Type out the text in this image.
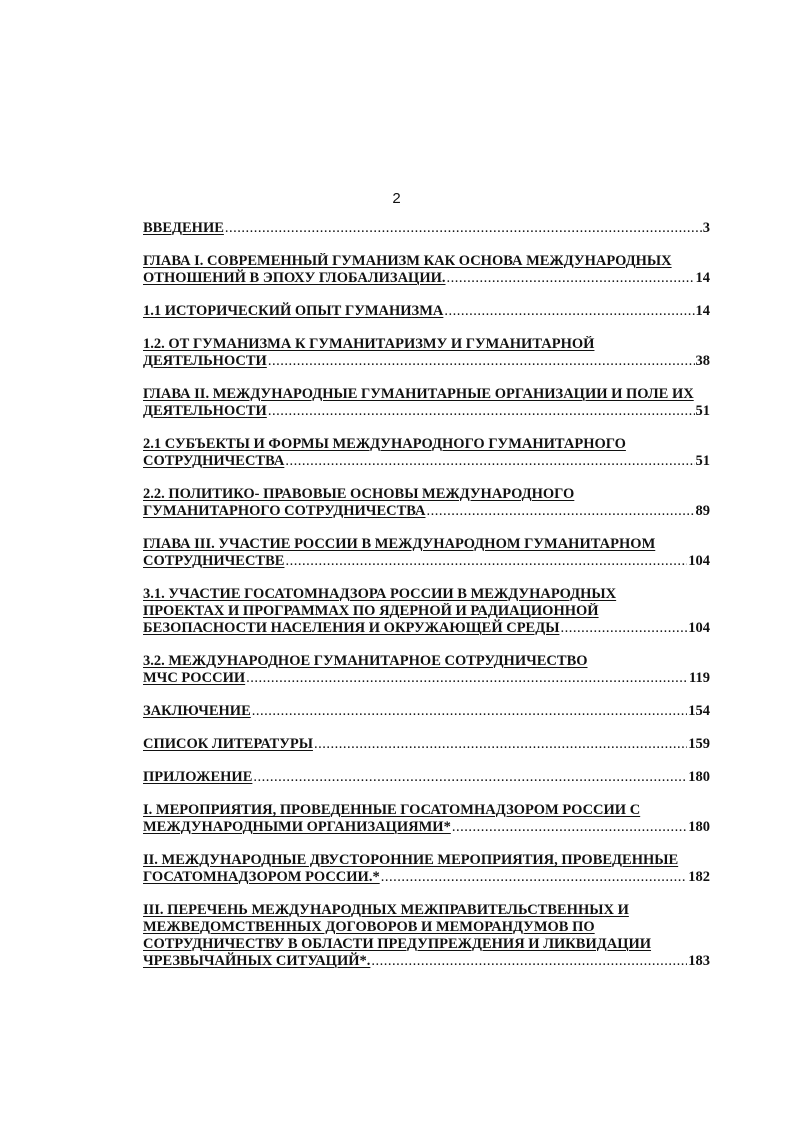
2
ВВЕДЕНИЕ .....	3
ГЛАВА I. СОВРЕМЕННЫЙ ГУМАНИЗМ КАК ОСНОВА МЕЖДУНАРОДНЫХ
ОТНОШЕНИЙ В ЭПОХУ ГЛОБАЛИЗАЦИИ. .....	14
1.1 ИСТОРИЧЕСКИЙ ОПЫТ ГУМАНИЗМА .....	14
1.2. ОТ ГУМАНИЗМА К ГУМАНИТАРИЗМУ И ГУМАНИТАРНОЙ
ДЕЯТЕЛЬНОСТИ .....	38
ГЛАВА II. МЕЖДУНАРОДНЫЕ ГУМАНИТАРНЫЕ ОРГАНИЗАЦИИ И ПОЛЕ ИХ
ДЕЯТЕЛЬНОСТИ .....	51
2.1 СУБЪЕКТЫ И ФОРМЫ МЕЖДУНАРОДНОГО ГУМАНИТАРНОГО
СОТРУДНИЧЕСТВА .....	51
2.2. ПОЛИТИКО- ПРАВОВЫЕ ОСНОВЫ МЕЖДУНАРОДНОГО
ГУМАНИТАРНОГО СОТРУДНИЧЕСТВА .....	89
ГЛАВА III. УЧАСТИЕ РОССИИ В МЕЖДУНАРОДНОМ ГУМАНИТАРНОМ
СОТРУДНИЧЕСТВЕ .....	104
3.1. УЧАСТИЕ ГОСАТОМНАДЗОРА РОССИИ В МЕЖДУНАРОДНЫХ
ПРОЕКТАХ И ПРОГРАММАХ ПО ЯДЕРНОЙ И РАДИАЦИОННОЙ
БЕЗОПАСНОСТИ НАСЕЛЕНИЯ И ОКРУЖАЮЩЕЙ СРЕДЫ .....	104
3.2. МЕЖДУНАРОДНОЕ ГУМАНИТАРНОЕ СОТРУДНИЧЕСТВО
МЧС РОССИИ .....	119
ЗАКЛЮЧЕНИЕ .....	154
СПИСОК ЛИТЕРАТУРЫ .....	159
ПРИЛОЖЕНИЕ .....	180
I. МЕРОПРИЯТИЯ, ПРОВЕДЕННЫЕ ГОСАТОМНАДЗОРОМ РОССИИ С
МЕЖДУНАРОДНЫМИ ОРГАНИЗАЦИЯМИ* .....	180
II. МЕЖДУНАРОДНЫЕ ДВУСТОРОННИЕ МЕРОПРИЯТИЯ, ПРОВЕДЕННЫЕ
ГОСАТОМНАДЗОРОМ РОССИИ.* .....	182
III. ПЕРЕЧЕНЬ МЕЖДУНАРОДНЫХ МЕЖПРАВИТЕЛЬСТВЕННЫХ И
МЕЖВЕДОМСТВЕННЫХ ДОГОВОРОВ И МЕМОРАНДУМОВ ПО
СОТРУДНИЧЕСТВУ В ОБЛАСТИ ПРЕДУПРЕЖДЕНИЯ И ЛИКВИДАЦИИ
ЧРЕЗВЫЧАЙНЫХ СИТУАЦИЙ*. .....	183
